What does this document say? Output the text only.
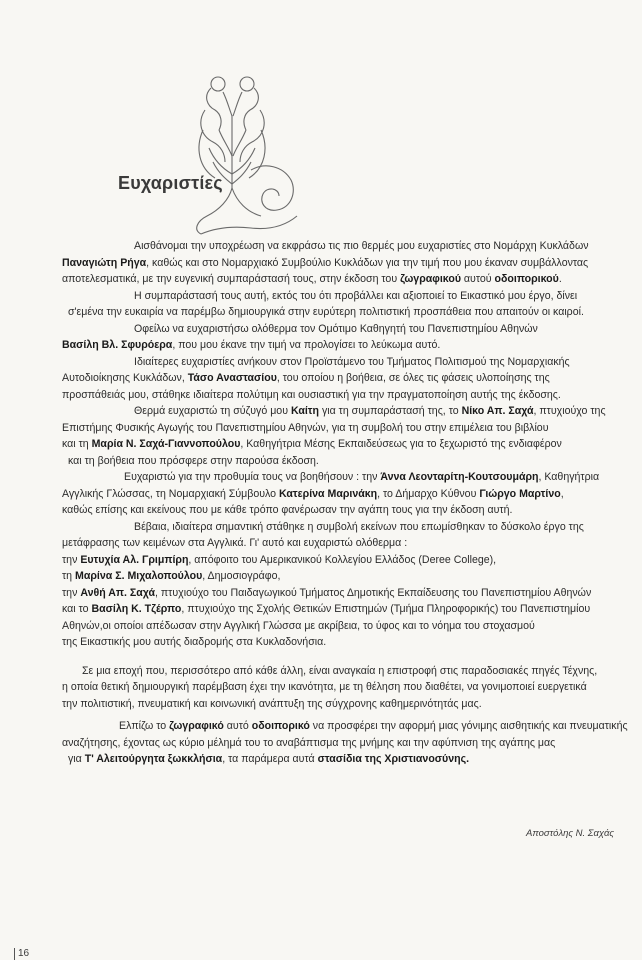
Ευχαριστίες
Αισθάνομαι την υποχρέωση να εκφράσω τις πιο θερμές μου ευχαριστίες στο Νομάρχη Κυκλάδων
Παναγιώτη Ρήγα, καθώς και στο Νομαρχιακό Συμβούλιο Κυκλάδων για την τιμή που μου έκαναν συμβάλλοντας
αποτελεσματικά, με την ευγενική συμπαράστασή τους, στην έκδοση του ζωγραφικού αυτού οδοιπορικού.
Η συμπαράστασή τους αυτή, εκτός του ότι προβάλλει και αξιοποιεί το Εικαστικό μου έργο, δίνει
σ'εμένα την ευκαιρία να παρέμβω δημιουργικά στην ευρύτερη πολιτιστική προσπάθεια που απαιτούν οι καιροί.
Οφείλω να ευχαριστήσω ολόθερμα τον Ομότιμο Καθηγητή του Πανεπιστημίου Αθηνών
Βασίλη Βλ. Σφυρόερα, που μου έκανε την τιμή να προλογίσει το λεύκωμα αυτό.
Ιδιαίτερες ευχαριστίες ανήκουν στον Προϊστάμενο του Τμήματος Πολιτισμού της Νομαρχιακής
Αυτοδιοίκησης Κυκλάδων, Τάσο Αναστασίου, του οποίου η βοήθεια, σε όλες τις φάσεις υλοποίησης της
προσπάθειάς μου, στάθηκε ιδιαίτερα πολύτιμη και ουσιαστική για την πραγματοποίηση αυτής της έκδοσης.
Θερμά ευχαριστώ τη σύζυγό μου Καίτη για τη συμπαράστασή της, το Νίκο Απ. Σαχά, πτυχιούχο της
Επιστήμης Φυσικής Αγωγής του Πανεπιστημίου Αθηνών, για τη συμβολή του στην επιμέλεια του βιβλίου
και τη Μαρία Ν. Σαχά-Γιαννοπούλου, Καθηγήτρια Μέσης Εκπαιδεύσεως για το ξεχωριστό της ενδιαφέρον
και τη βοήθεια που πρόσφερε στην παρούσα έκδοση.
Ευχαριστώ για την προθυμία τους να βοηθήσουν : την Άννα Λεονταρίτη-Κουτσουμάρη, Καθηγήτρια
Αγγλικής Γλώσσας, τη Νομαρχιακή Σύμβουλο Κατερίνα Μαρινάκη, το Δήμαρχο Κύθνου Γιώργο Μαρτίνο,
καθώς επίσης και εκείνους που με κάθε τρόπο φανέρωσαν την αγάπη τους για την έκδοση αυτή.
Βέβαια, ιδιαίτερα σημαντική στάθηκε η συμβολή εκείνων που επωμίσθηκαν το δύσκολο έργο της
μετάφρασης των κειμένων στα Αγγλικά. Γι' αυτό και ευχαριστώ ολόθερμα :
την Ευτυχία Αλ. Γριμπίρη, απόφοιτο του Αμερικανικού Κολλεγίου Ελλάδος (Deree College),
τη Μαρίνα Σ. Μιχαλοπούλου, Δημοσιογράφο,
την Ανθή Απ. Σαχά, πτυχιούχο του Παιδαγωγικού Τμήματος Δημοτικής Εκπαίδευσης του Πανεπιστημίου Αθηνών
και το Βασίλη Κ. Τζέρπο, πτυχιούχο της Σχολής Θετικών Επιστημών (Τμήμα Πληροφορικής) του Πανεπιστημίου
Αθηνών,οι οποίοι απέδωσαν στην Αγγλική Γλώσσα με ακρίβεια, το ύφος και το νόημα του στοχασμού
της Εικαστικής μου αυτής διαδρομής στα Κυκλαδονήσια.
Σε μια εποχή που, περισσότερο από κάθε άλλη, είναι αναγκαία η επιστροφή στις παραδοσιακές πηγές Τέχνης,
η οποία θετική δημιουργική παρέμβαση έχει την ικανότητα, με τη θέληση που διαθέτει, να γονιμοποιεί ευεργετικά
την πολιτιστική, πνευματική και κοινωνική ανάπτυξη της σύγχρονης καθημερινότητάς μας.
Ελπίζω το ζωγραφικό αυτό οδοιπορικό να προσφέρει την αφορμή μιας γόνιμης αισθητικής και πνευματικής
αναζήτησης, έχοντας ως κύριο μέλημά του το αναβάπτισμα της μνήμης και την αφύπνιση της αγάπης μας
για Τ' Αλειτούργητα ξωκκλήσια, τα παράμερα αυτά στασίδια της Χριστιανοσύνης.
Αποστόλης Ν. Σαχάς
16
